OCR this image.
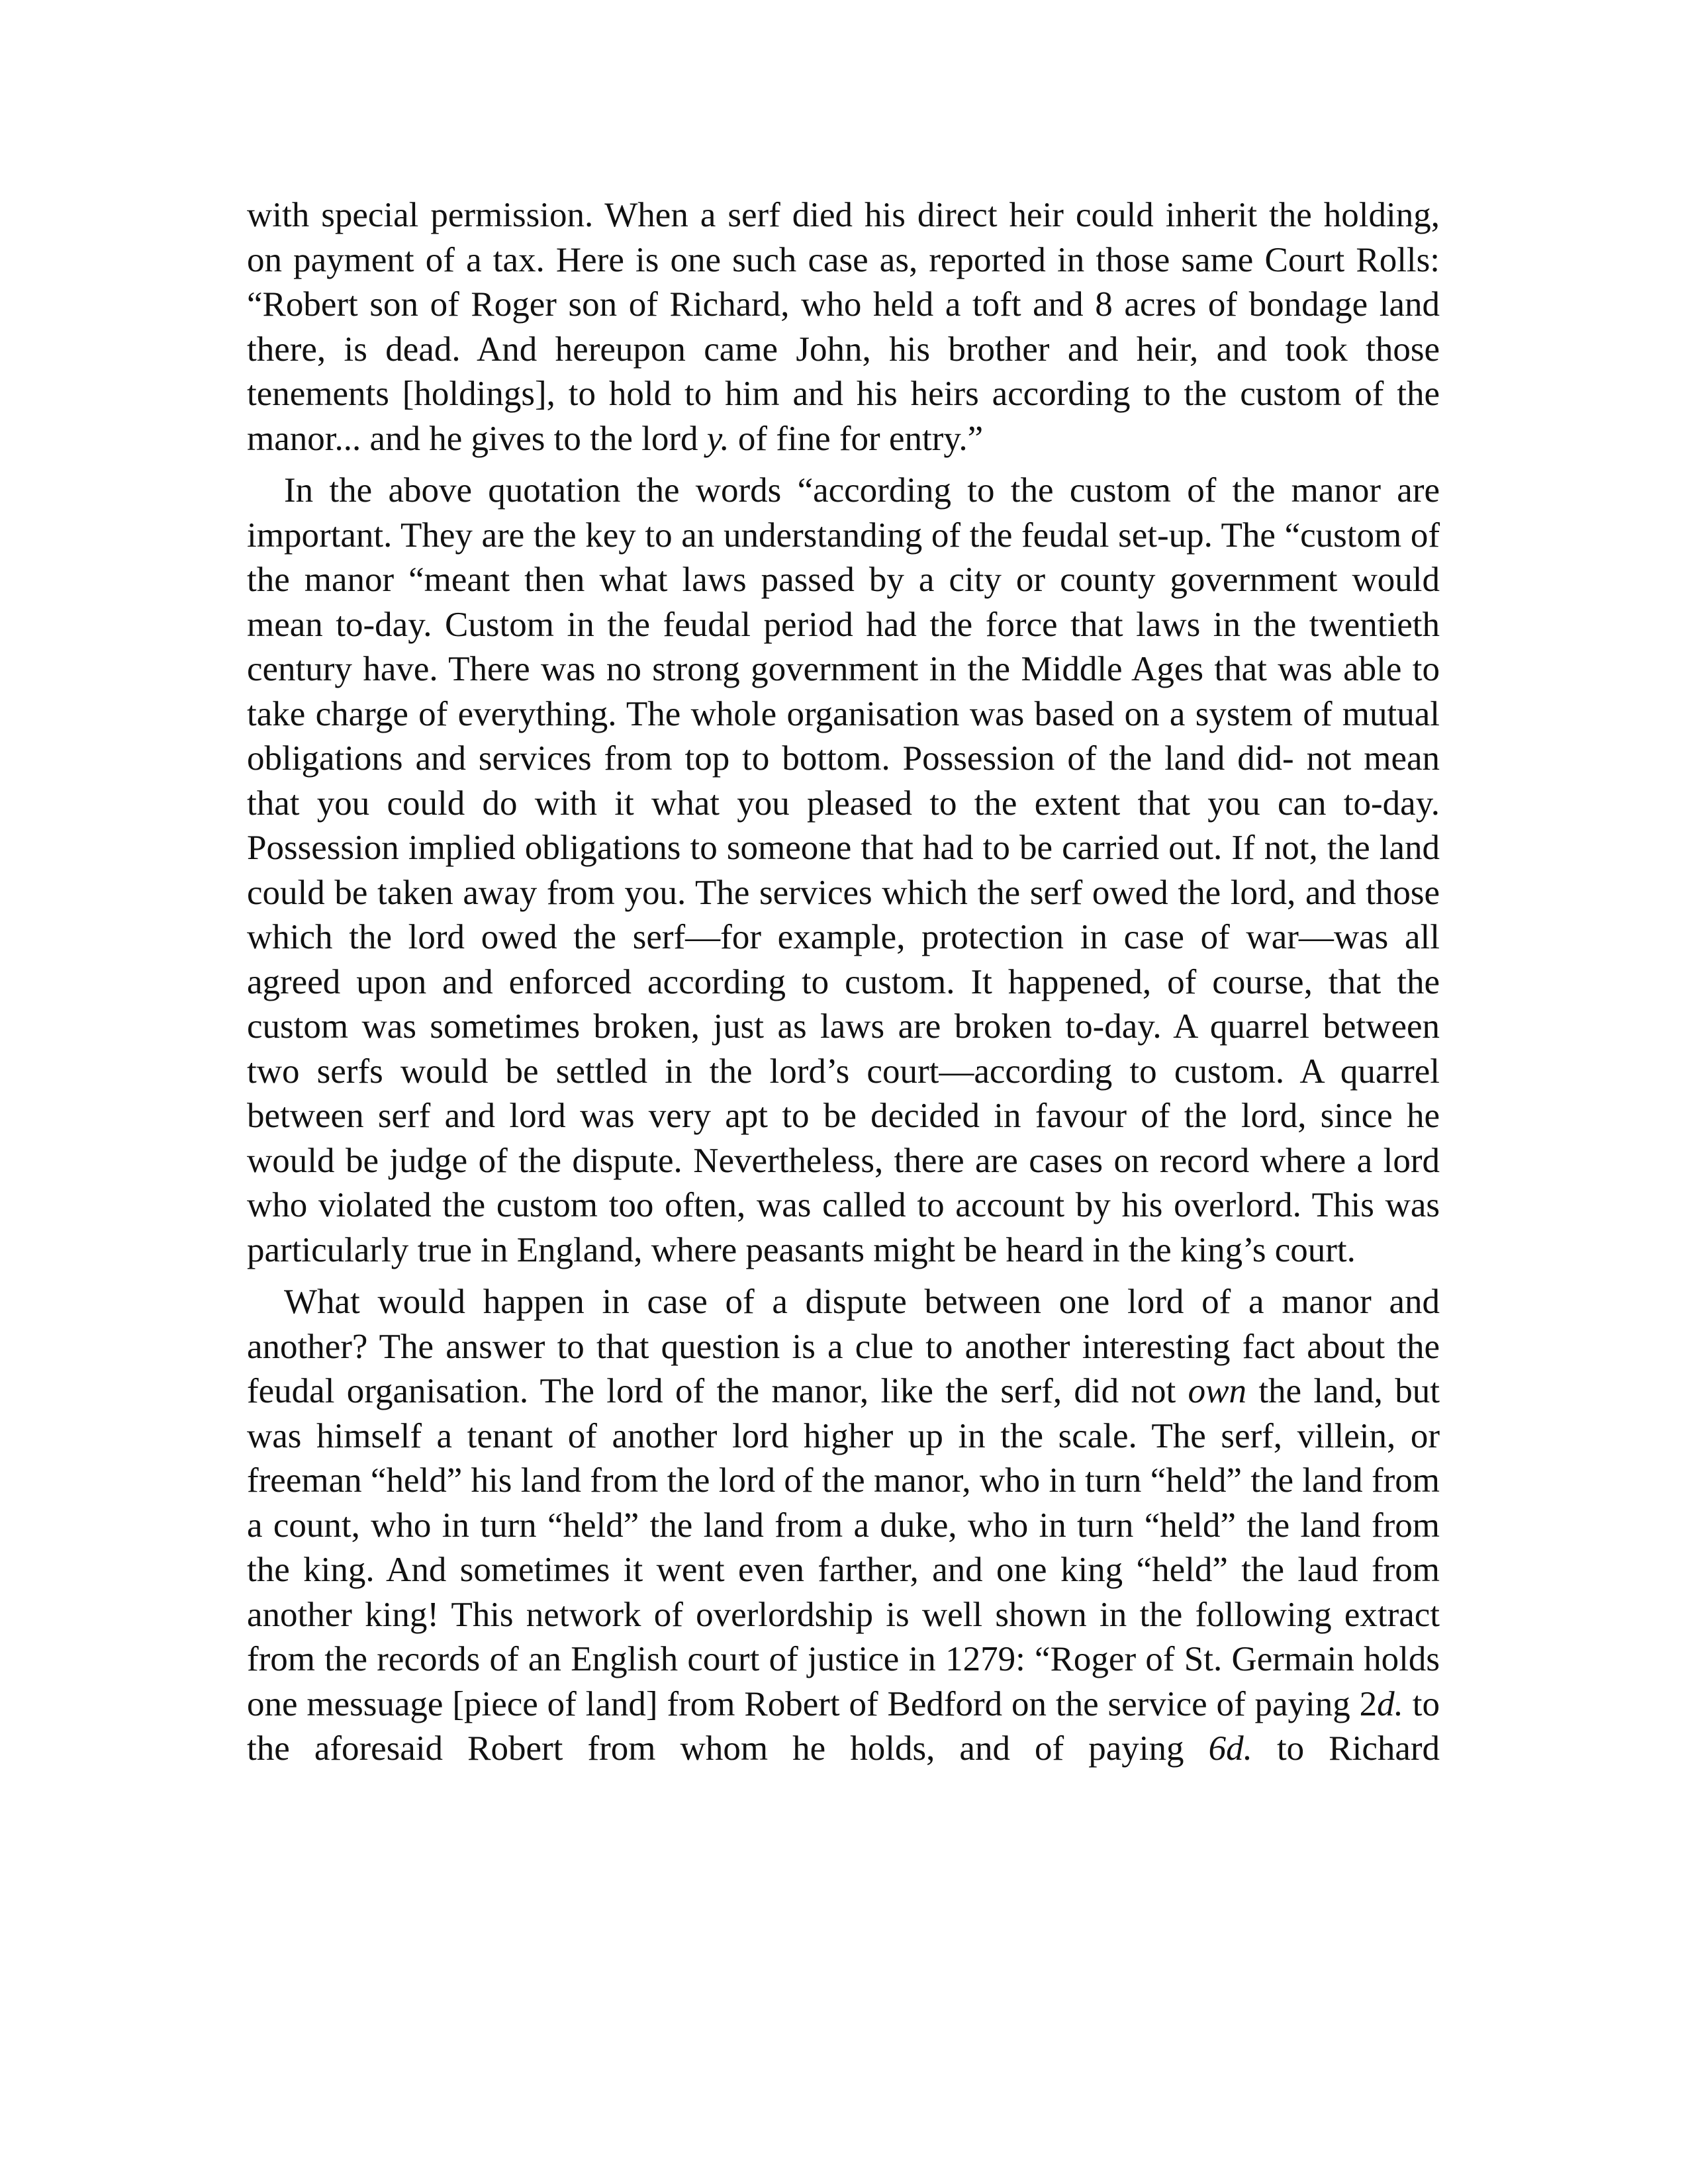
with special permission. When a serf died his direct heir could inherit the holding, on payment of a tax. Here is one such case as, reported in those same Court Rolls: “Robert son of Roger son of Richard, who held a toft and 8 acres of bondage land there, is dead. And hereupon came John, his brother and heir, and took those tenements [holdings], to hold to him and his heirs according to the custom of the manor... and he gives to the lord y. of fine for entry.”

In the above quotation the words “according to the custom of the manor are important. They are the key to an understanding of the feudal set-up. The “custom of the manor “meant then what laws passed by a city or county government would mean to-day. Custom in the feudal period had the force that laws in the twentieth century have. There was no strong government in the Middle Ages that was able to take charge of everything. The whole organisation was based on a system of mutual obligations and services from top to bottom. Possession of the land did- not mean that you could do with it what you pleased to the extent that you can to-day. Possession implied obligations to someone that had to be carried out. If not, the land could be taken away from you. The services which the serf owed the lord, and those which the lord owed the serf—for example, protection in case of war—was all agreed upon and enforced according to custom. It happened, of course, that the custom was sometimes broken, just as laws are broken to-day. A quarrel between two serfs would be settled in the lord’s court—according to custom. A quarrel between serf and lord was very apt to be decided in favour of the lord, since he would be judge of the dispute. Nevertheless, there are cases on record where a lord who violated the custom too often, was called to account by his overlord. This was particularly true in England, where peasants might be heard in the king’s court.

What would happen in case of a dispute between one lord of a manor and another? The answer to that question is a clue to another interesting fact about the feudal organisation. The lord of the manor, like the serf, did not own the land, but was himself a tenant of another lord higher up in the scale. The serf, villein, or freeman “held” his land from the lord of the manor, who in turn “held” the land from a count, who in turn “held” the land from a duke, who in turn “held” the land from the king. And sometimes it went even farther, and one king “held” the laud from another king! This network of overlordship is well shown in the following extract from the records of an English court of justice in 1279: “Roger of St. Germain holds one messuage [piece of land] from Robert of Bedford on the service of paying 2d. to the aforesaid Robert from whom he holds, and of paying 6d. to Richard
